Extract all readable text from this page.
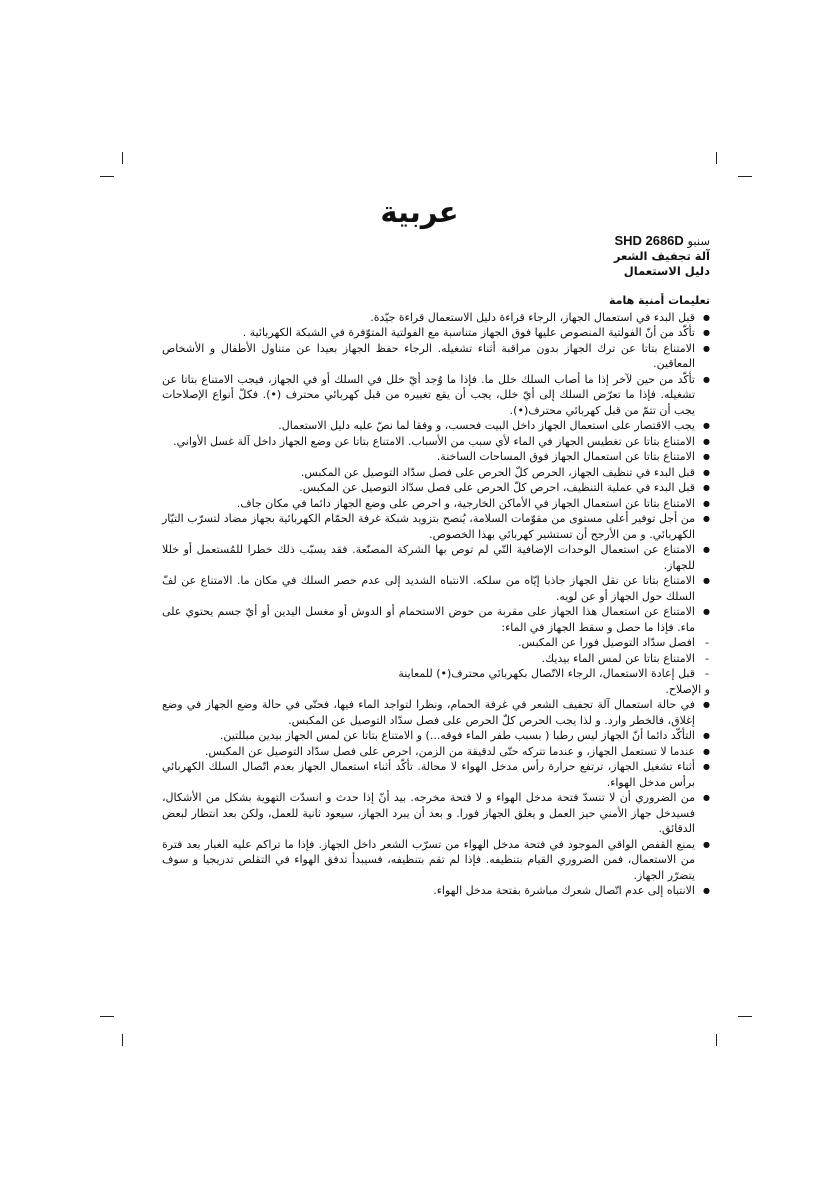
عربية
سنبو SHD 2686D
آلة تجفيف الشعر
دليل الاستعمال
تعليمات أمنية هامة
● قبل البدء في استعمال الجهاز، الرجاء قراءة دليل الاستعمال قراءة جيّدة.
● تأكّد من أنّ الفولتية المنصوص عليها فوق الجهاز متناسبة مع الفولتية المتوّفرة في الشبكة الكهربائية .
● الامتناع بتاتا عن ترك الجهاز بدون مراقبة أثناء تشغيله. الرجاء حفظ الجهاز بعيدا عن متناول الأطفال و الأشخاص المعاقين.
● تأكّد من حين لآخر إذا ما أصاب السلك خلل ما. فإذا ما وُجد أيّ خلل في السلك أو في الجهاز، فيجب الامتناع بتاتا عن تشغيله. فإذا ما تعرّض السلك إلى أيّ خلل، يجب أن يقع تغييره من قبل كهربائي محترف (•). فكلّ أنواع الإصلاحات يجب أن تتمّ من قبل كهربائي محترف(•).
● يجب الاقتصار على استعمال الجهاز داخل البيت فحسب، و وفقا لما نصّ عليه دليل الاستعمال.
● الامتناع بتاتا عن تغطيس الجهاز في الماء لأي سبب من الأسباب. الامتناع بتاتا عن وضع الجهاز داخل آلة غسل الأواني.
● الامتناع بتاتا عن استعمال الجهاز فوق المساحات الساخنة.
● قبل البدء في تنظيف الجهاز، الحرص كلّ الحرص على فصل سدّاد التوصيل عن المكبس.
● قبل البدء في عملية التنظيف، احرص كلّ الحرص على فصل سدّاد التوصيل عن المكبس.
● الامتناع بتاتا عن استعمال الجهاز في الأماكن الخارجية، و احرص على وضع الجهاز دائما في مكان جاف.
● من أجل توفير أعلى مستوى من مقوّمات السلامة، يُنصح بتزويد شبكة غرفة الحمّام الكهربائية بجهاز مضاد لتسرّب التيّار الكهربائي. و من الأرجح أن تستشير كهربائي بهذا الخصوص.
● الامتناع عن استعمال الوحدات الإضافية التّي لم توص بها الشركة المصنّعة. فقد يسبّب ذلك خطرا للمُستعمل أو خللا للجهاز.
● الامتناع بتاتا عن نقل الجهاز جاذبا إيّاه من سلكه. الانتباه الشديد إلى عدم حصر السلك في مكان ما. الامتناع عن لفّ السلك حول الجهاز أو عن لويه.
● الامتناع عن استعمال هذا الجهاز على مقربة من حوض الاستحمام أو الدوش أو مغسل اليدين أو أيّ جسم يحتوي على ماء. فإذا ما حصل و سقط الجهاز في الماء:
- افصل سدّاد التوصيل فورا عن المكبس.
- الامتناع بتاتا عن لمس الماء بيديك.
- قبل إعادة الاستعمال، الرجاء الاتّصال بكهربائي محترف(•) للمعاينة

و الإصلاح.

● في حالة استعمال آلة تجفيف الشعر في غرفة الحمام، ونظرا لتواجد الماء فيها، فحتّى في حالة وضع الجهاز في وضع إغلاق، فالخطر وارد. و لذا يجب الحرص كلّ الحرص على فصل سدّاد التوصيل عن المكبس.
● التأكّد دائما أنّ الجهاز ليس رطبا ( بسبب طفر الماء فوقه...) و الامتناع بتاتا عن لمس الجهاز بيدين مبللتين.
● عندما لا تستعمل الجهاز، و عندما تتركه حتّى لدقيقة من الزمن، احرص على فصل سدّاد التوصيل عن المكبس.
● أثناء تشغيل الجهاز، ترتفع حرارة رأس مدخل الهواء لا محالة. تأكّد أثناء استعمال الجهاز بعدم اتّصال السلك الكهربائي برأس مدخل الهواء.
● من الضروري أن لا تنسدّ فتحة مدخل الهواء و لا فتحة مخرجه. بيد أنّ إذا حدث و انسدّت التهوية بشكل من الأشكال، فسيدخل جهاز الأمني حيز العمل و يغلق الجهاز فورا. و بعد أن يبرد الجهاز، سيعود ثانية للعمل، ولكن بعد انتظار لبعض الدقائق.
● يمنع القفص الواقي الموجود في فتحة مدخل الهواء من تسرّب الشعر داخل الجهاز. فإذا ما تراكم عليه الغبار بعد فترة من الاستعمال، فمن الضروري القيام بتنظيفه. فإذا لم تقم بتنظيفه، فسيبدأ تدفق الهواء في التقلص تدريجيا و سوف يتضرّر الجهاز.
● الانتباه إلى عدم اتّصال شعرك مباشرة بفتحة مدخل الهواء.
